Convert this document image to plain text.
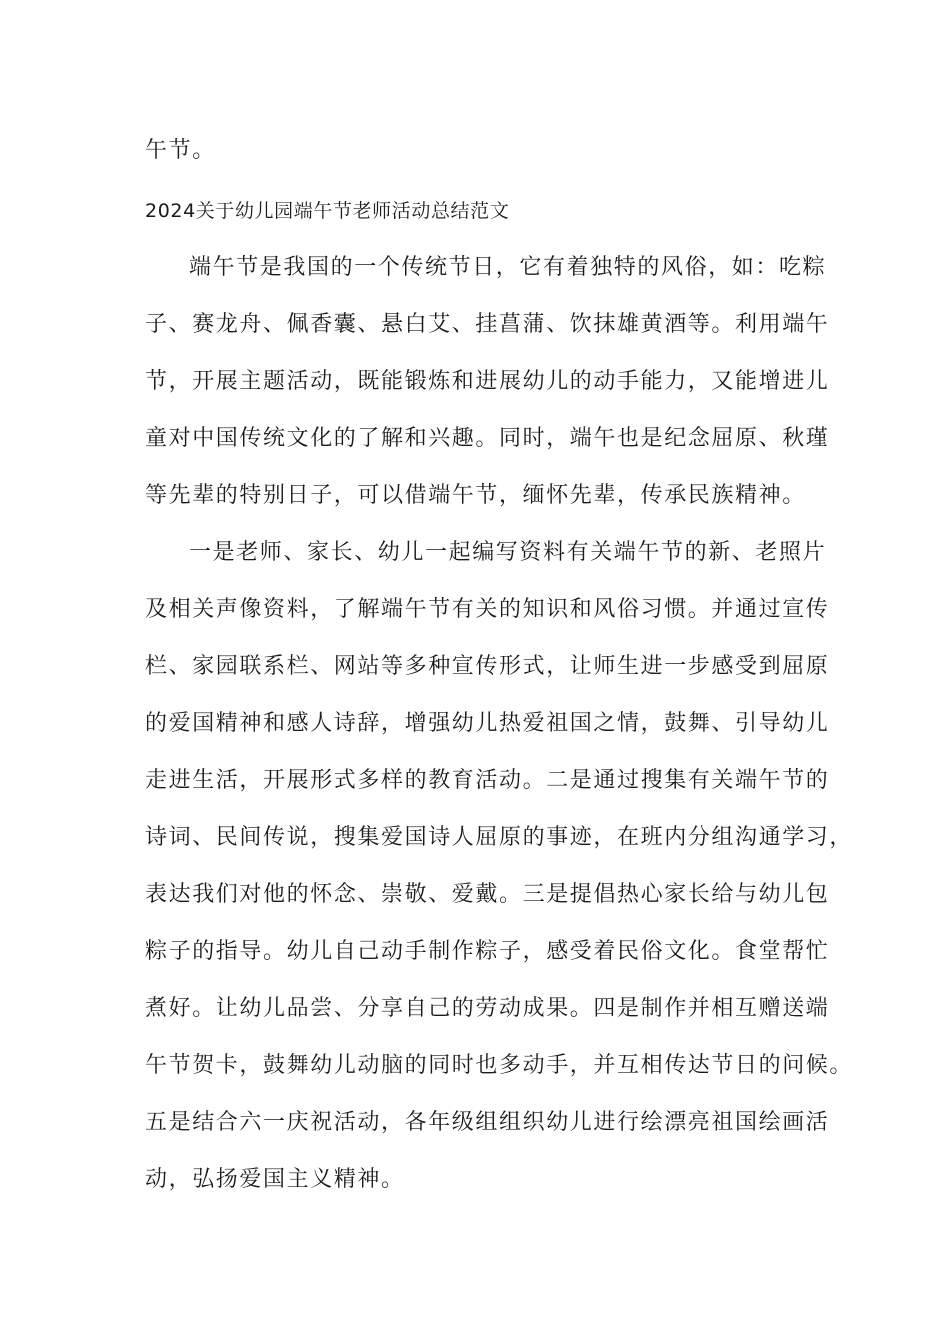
午节。
2024关于幼儿园端午节老师活动总结范文
端午节是我国的一个传统节日，它有着独特的风俗，如：吃粽
子、赛龙舟、佩香囊、悬白艾、挂菖蒲、饮抹雄黄酒等。利用端午
节，开展主题活动，既能锻炼和进展幼儿的动手能力，又能增进儿
童对中国传统文化的了解和兴趣。同时，端午也是纪念屈原、秋瑾
等先辈的特别日子，可以借端午节，缅怀先辈，传承民族精神。
一是老师、家长、幼儿一起编写资料有关端午节的新、老照片
及相关声像资料，了解端午节有关的知识和风俗习惯。并通过宣传
栏、家园联系栏、网站等多种宣传形式，让师生进一步感受到屈原
的爱国精神和感人诗辞，增强幼儿热爱祖国之情，鼓舞、引导幼儿
走进生活，开展形式多样的教育活动。二是通过搜集有关端午节的
诗词、民间传说，搜集爱国诗人屈原的事迹，在班内分组沟通学习，
表达我们对他的怀念、崇敬、爱戴。三是提倡热心家长给与幼儿包
粽子的指导。幼儿自己动手制作粽子，感受着民俗文化。食堂帮忙
煮好。让幼儿品尝、分享自己的劳动成果。四是制作并相互赠送端
午节贺卡，鼓舞幼儿动脑的同时也多动手，并互相传达节日的问候。
五是结合六一庆祝活动，各年级组组织幼儿进行绘漂亮祖国绘画活
动，弘扬爱国主义精神。
